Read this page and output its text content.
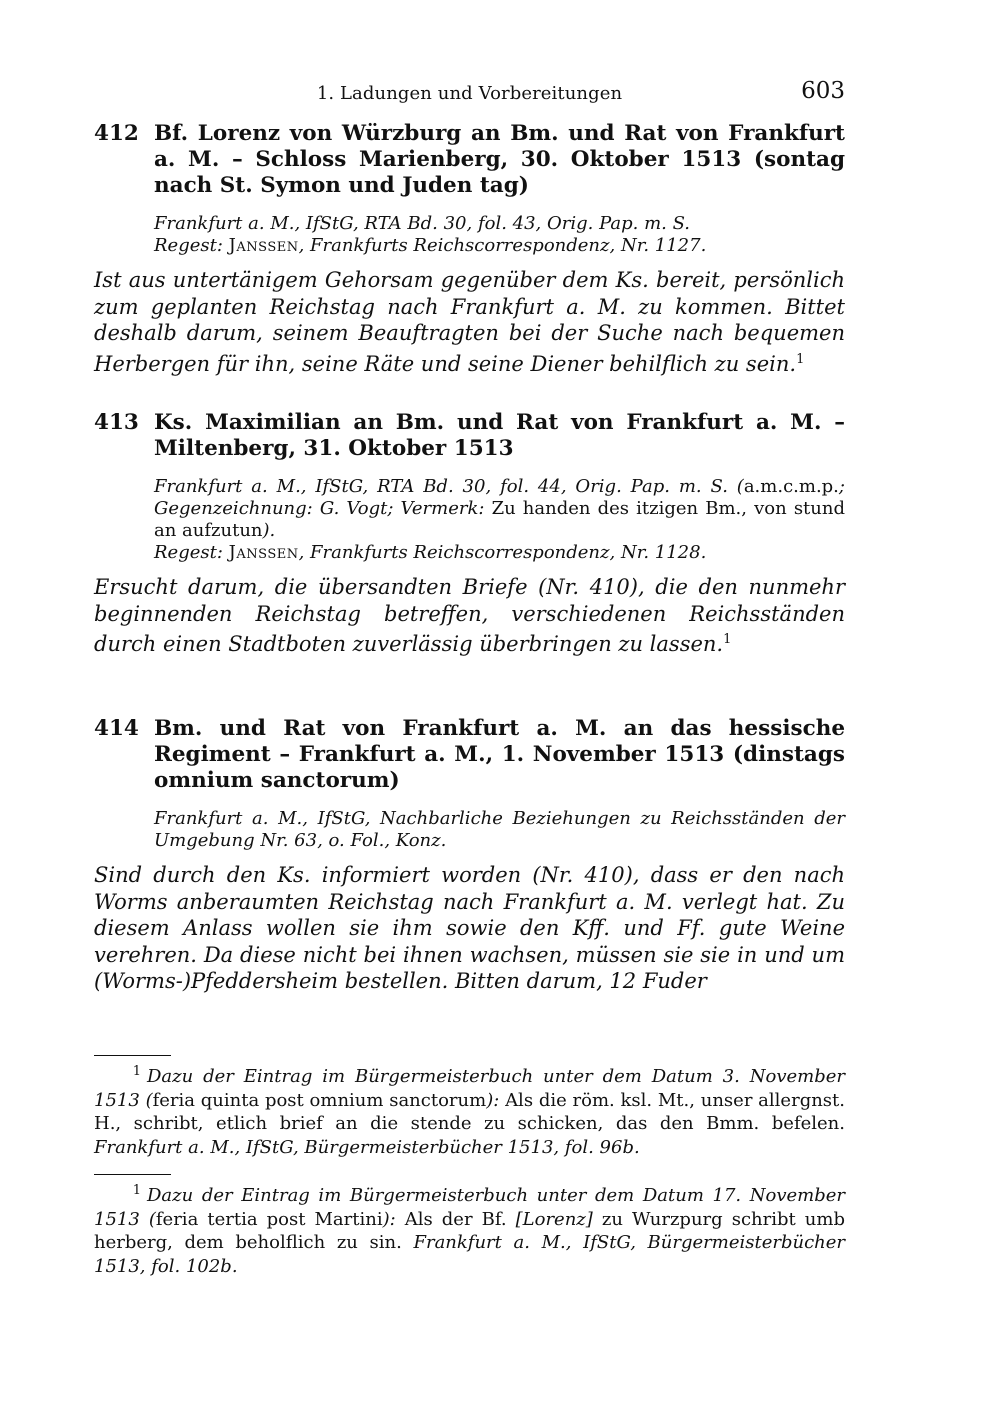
1. Ladungen und Vorbereitungen	603
412 Bf. Lorenz von Würzburg an Bm. und Rat von Frankfurt a. M. – Schloss Marienberg, 30. Oktober 1513 (sontag nach St. Symon und Juden tag)
Frankfurt a. M., IfStG, RTA Bd. 30, fol. 43, Orig. Pap. m. S.
Regest: Janssen, Frankfurts Reichscorrespondenz, Nr. 1127.
Ist aus untertänigem Gehorsam gegenüber dem Ks. bereit, persönlich zum geplanten Reichstag nach Frankfurt a. M. zu kommen. Bittet deshalb darum, seinem Beauftragten bei der Suche nach bequemen Herbergen für ihn, seine Räte und seine Diener behilflich zu sein.$^1$
413 Ks. Maximilian an Bm. und Rat von Frankfurt a. M. – Miltenberg, 31. Oktober 1513
Frankfurt a. M., IfStG, RTA Bd. 30, fol. 44, Orig. Pap. m. S. (a.m.c.m.p.; Gegenzeichnung: G. Vogt; Vermerk: Zu handen des itzigen Bm., von stund an aufzutun).
Regest: Janssen, Frankfurts Reichscorrespondenz, Nr. 1128.
Ersucht darum, die übersandten Briefe (Nr. 410), die den nunmehr beginnenden Reichstag betreffen, verschiedenen Reichsständen durch einen Stadtboten zuverlässig überbringen zu lassen.$^1$
414 Bm. und Rat von Frankfurt a. M. an das hessische Regiment – Frankfurt a. M., 1. November 1513 (dinstags omnium sanctorum)
Frankfurt a. M., IfStG, Nachbarliche Beziehungen zu Reichsständen der Umgebung Nr. 63, o. Fol., Konz.
Sind durch den Ks. informiert worden (Nr. 410), dass er den nach Worms anberaumten Reichstag nach Frankfurt a. M. verlegt hat. Zu diesem Anlass wollen sie ihm sowie den Kff. und Ff. gute Weine verehren. Da diese nicht bei ihnen wachsen, müssen sie sie in und um (Worms-)Pfeddersheim bestellen. Bitten darum, 12 Fuder
$^1$ Dazu der Eintrag im Bürgermeisterbuch unter dem Datum 3. November 1513 (feria quinta post omnium sanctorum): Als die röm. ksl. Mt., unser allergnst. H., schribt, etlich brief an die stende zu schicken, das den Bmm. befelen. Frankfurt a. M., IfStG, Bürgermeisterbücher 1513, fol. 96b.
$^1$ Dazu der Eintrag im Bürgermeisterbuch unter dem Datum 17. November 1513 (feria tertia post Martini): Als der Bf. [Lorenz] zu Wurzpurg schribt umb herberg, dem beholflich zu sin. Frankfurt a. M., IfStG, Bürgermeisterbücher 1513, fol. 102b.
